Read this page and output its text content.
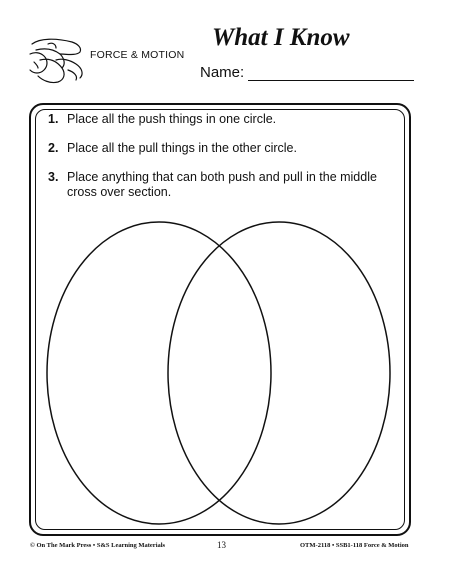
FORCE & MOTION
What I Know
Name:
1. Place all the push things in one circle.
2. Place all the pull things in the other circle.
3. Place anything that can both push and pull in the middle cross over section.
© On The Mark Press • S&S Learning Materials	13	OTM-2118 • SSB1-118 Force & Motion
